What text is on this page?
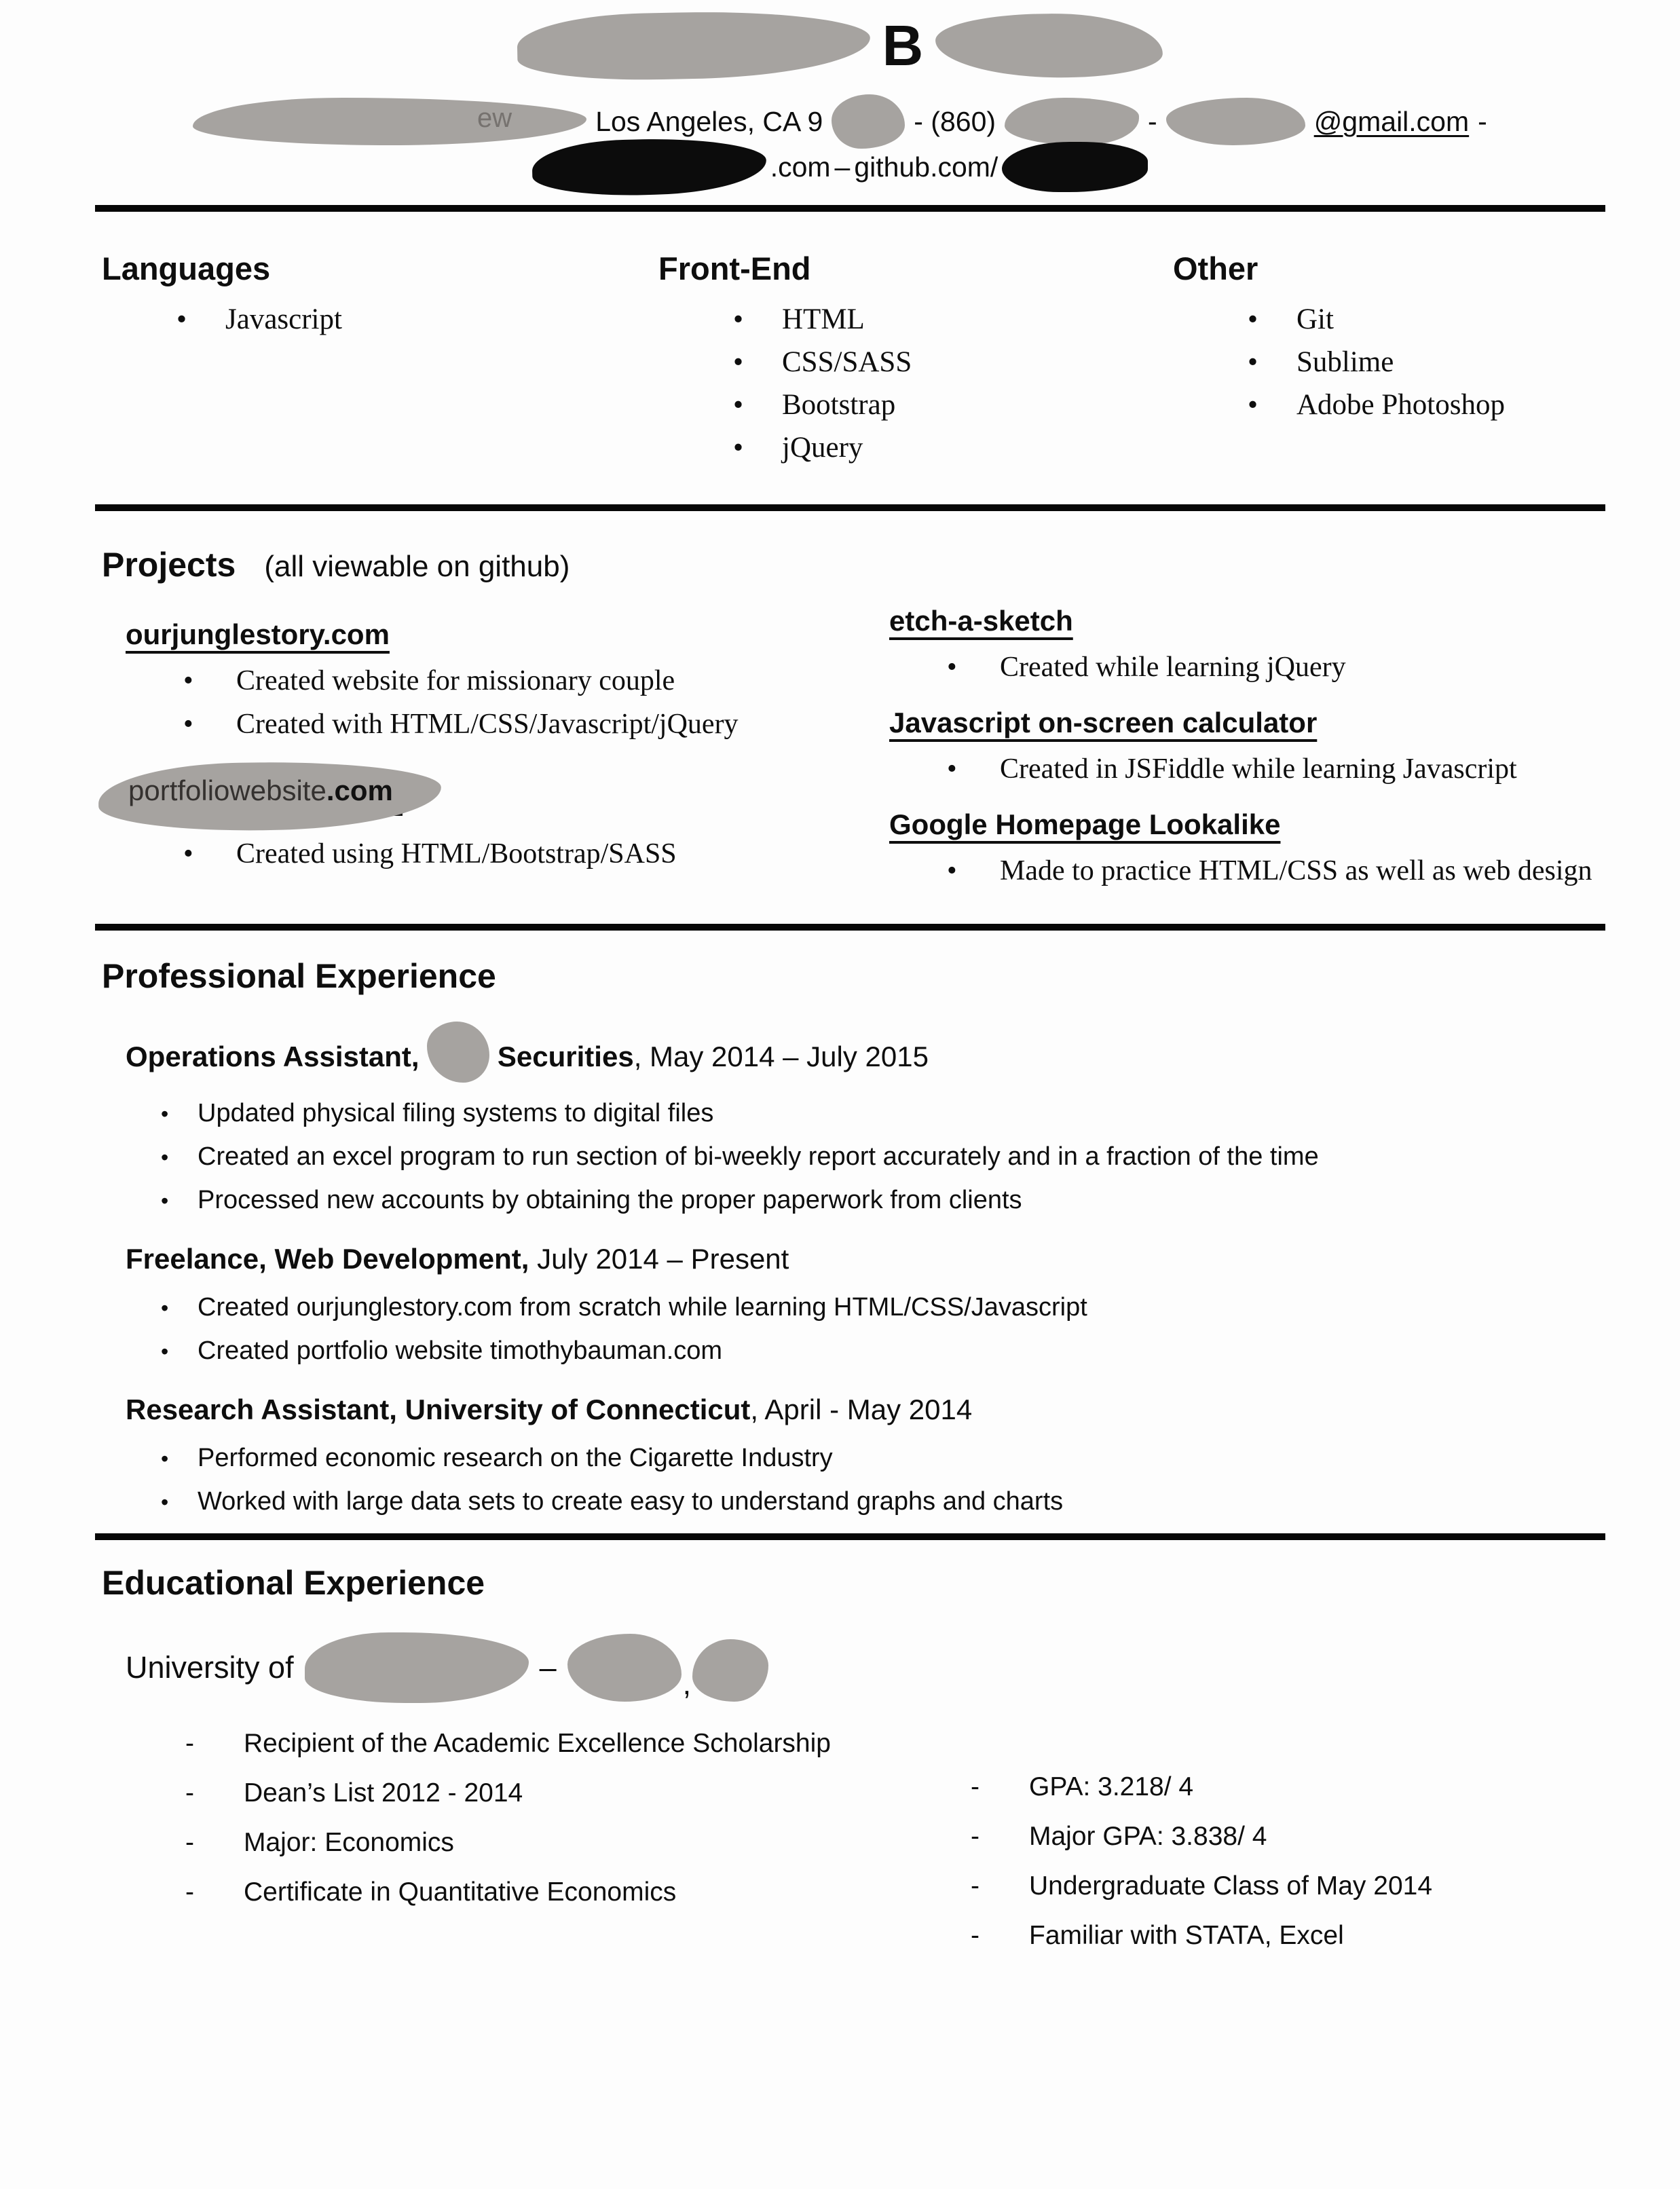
B
ew	Los Angeles, CA 9	- (860)	-	@gmail.com -
.com – github.com/
Languages
• Javascript
Front-End
• HTML
• CSS/SASS
• Bootstrap
• jQuery
Other
• Git
• Sublime
• Adobe Photoshop
Projects (all viewable on github)
ourjunglestory.com
• Created website for missionary couple
• Created with HTML/CSS/Javascript/jQuery
portfoliowebsite.com
• Created using HTML/Bootstrap/SASS
etch-a-sketch
• Created while learning jQuery
Javascript on-screen calculator
• Created in JSFiddle while learning Javascript
Google Homepage Lookalike
• Made to practice HTML/CSS as well as web design
Professional Experience
Operations Assistant,	Securities, May 2014 – July 2015
• Updated physical filing systems to digital files
• Created an excel program to run section of bi-weekly report accurately and in a fraction of the time
• Processed new accounts by obtaining the proper paperwork from clients
Freelance, Web Development, July 2014 – Present
• Created ourjunglestory.com from scratch while learning HTML/CSS/Javascript
• Created portfolio website timothybauman.com
Research Assistant, University of Connecticut, April - May 2014
• Performed economic research on the Cigarette Industry
• Worked with large data sets to create easy to understand graphs and charts
Educational Experience
University of	–	,
- Recipient of the Academic Excellence Scholarship
- Dean’s List 2012 - 2014
- Major: Economics
- Certificate in Quantitative Economics
- GPA: 3.218/ 4
- Major GPA: 3.838/ 4
- Undergraduate Class of May 2014
- Familiar with STATA, Excel
